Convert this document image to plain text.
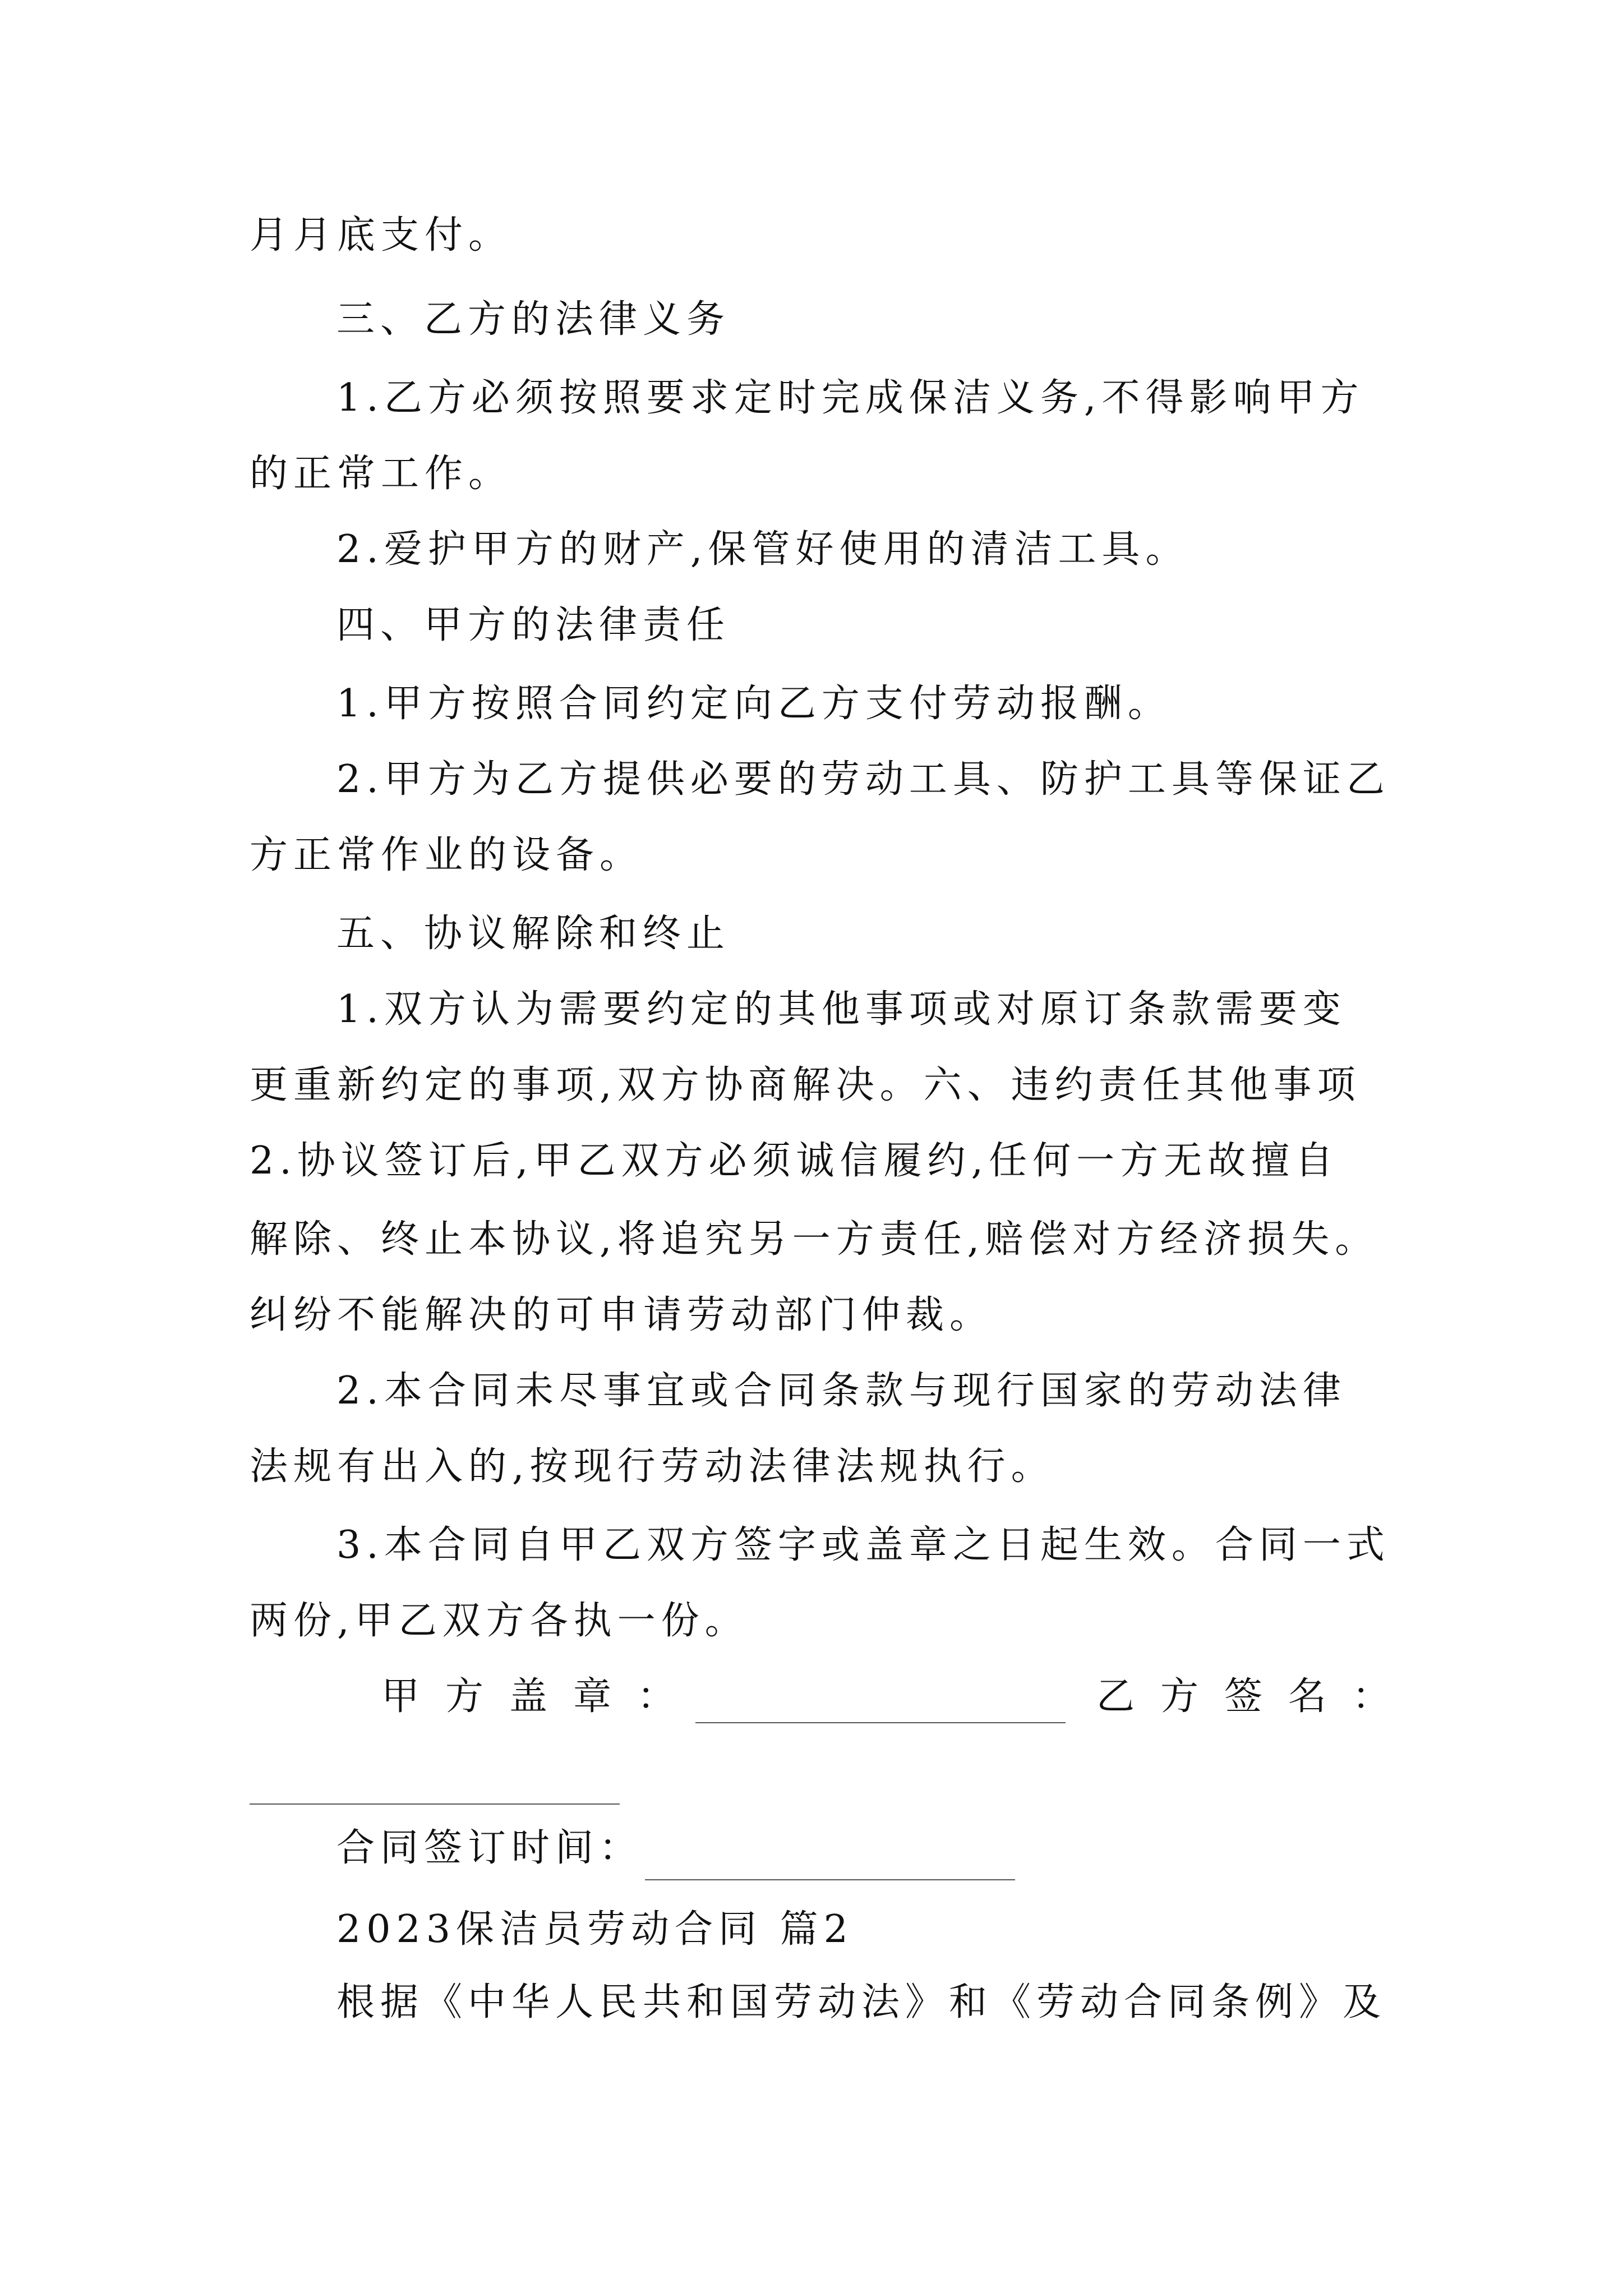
月月底支付。
三、乙方的法律义务
1.乙方必须按照要求定时完成保洁义务,不得影响甲方
的正常工作。
2.爱护甲方的财产,保管好使用的清洁工具。
四、甲方的法律责任
1.甲方按照合同约定向乙方支付劳动报酬。
2.甲方为乙方提供必要的劳动工具、防护工具等保证乙
方正常作业的设备。
五、协议解除和终止
1.双方认为需要约定的其他事项或对原订条款需要变
更重新约定的事项,双方协商解决。六、违约责任其他事项
2.协议签订后,甲乙双方必须诚信履约,任何一方无故擅自
解除、终止本协议,将追究另一方责任,赔偿对方经济损失。
纠纷不能解决的可申请劳动部门仲裁。
2.本合同未尽事宜或合同条款与现行国家的劳动法律
法规有出入的,按现行劳动法律法规执行。
3.本合同自甲乙双方签字或盖章之日起生效。合同一式
两份,甲乙双方各执一份。
甲方盖章：	乙方签名：
合同签订时间：
2023保洁员劳动合同 篇2
根据《中华人民共和国劳动法》和《劳动合同条例》及
